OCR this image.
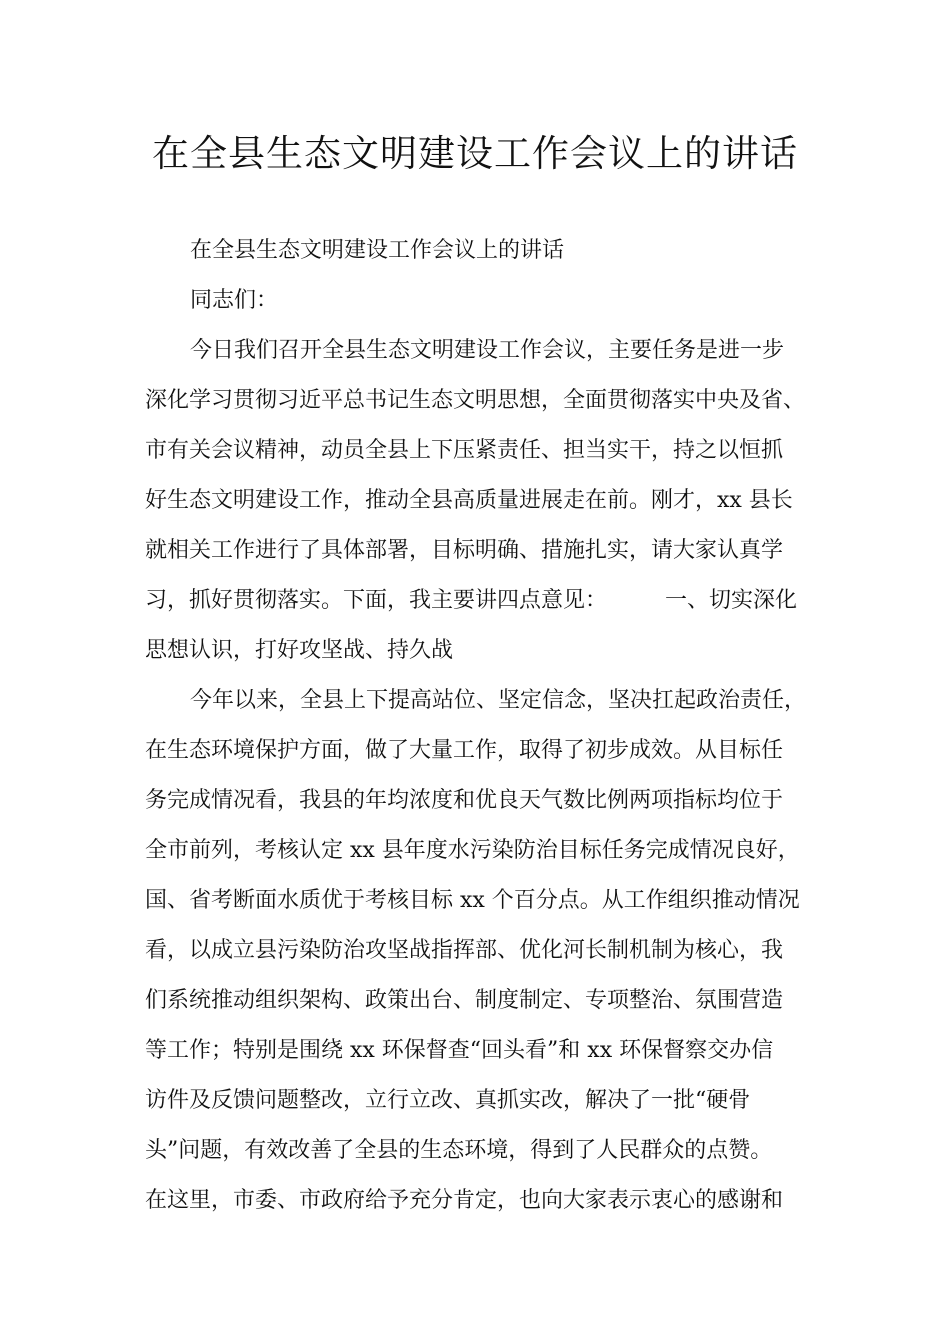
在全县生态文明建设工作会议上的讲话
在全县生态文明建设工作会议上的讲话
同志们：
今日我们召开全县生态文明建设工作会议，主要任务是进一步
深化学习贯彻习近平总书记生态文明思想，全面贯彻落实中央及省、
市有关会议精神，动员全县上下压紧责任、担当实干，持之以恒抓
好生态文明建设工作，推动全县高质量进展走在前。刚才，xx 县长
就相关工作进行了具体部署，目标明确、措施扎实，请大家认真学
习，抓好贯彻落实。下面，我主要讲四点意见：	一、切实深化
思想认识，打好攻坚战、持久战
今年以来，全县上下提高站位、坚定信念，坚决扛起政治责任，
在生态环境保护方面，做了大量工作，取得了初步成效。从目标任
务完成情况看，我县的年均浓度和优良天气数比例两项指标均位于
全市前列，考核认定 xx 县年度水污染防治目标任务完成情况良好，
国、省考断面水质优于考核目标 xx 个百分点。从工作组织推动情况
看，以成立县污染防治攻坚战指挥部、优化河长制机制为核心，我
们系统推动组织架构、政策出台、制度制定、专项整治、氛围营造
等工作；特别是围绕 xx 环保督查“回头看”和 xx 环保督察交办信
访件及反馈问题整改，立行立改、真抓实改，解决了一批“硬骨
头”问题，有效改善了全县的生态环境，得到了人民群众的点赞。
在这里，市委、市政府给予充分肯定，也向大家表示衷心的感谢和
